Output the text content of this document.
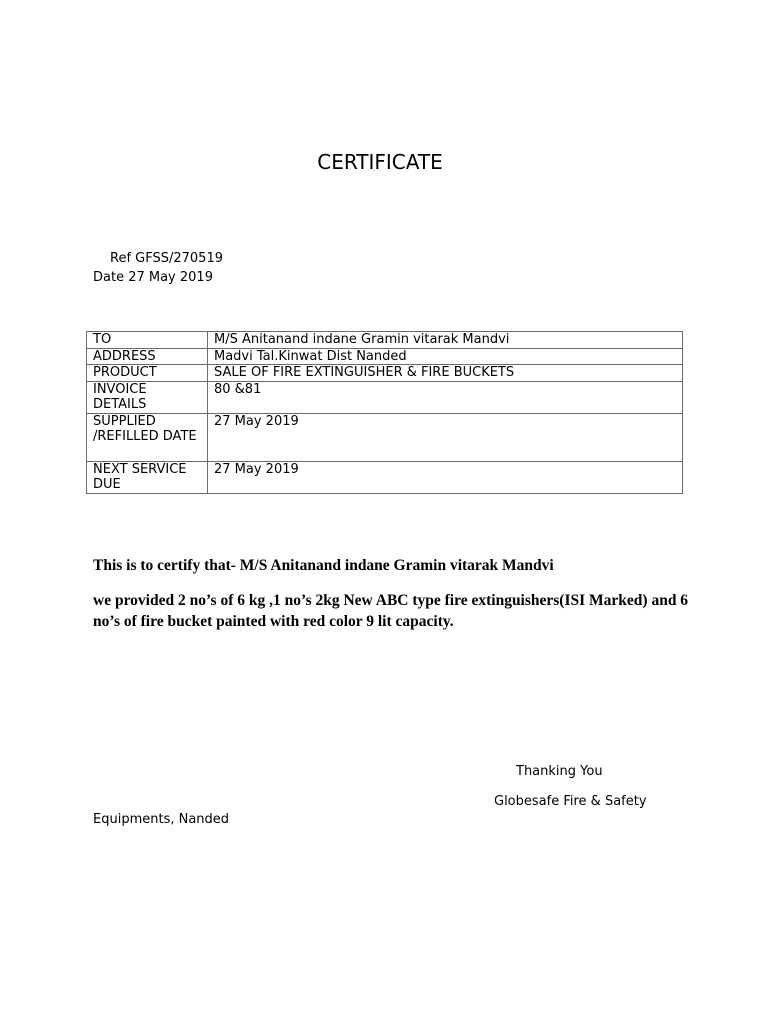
CERTIFICATE
Ref GFSS/270519
Date 27 May 2019
TO	M/S Anitanand indane Gramin vitarak Mandvi
ADDRESS	Madvi Tal.Kinwat Dist Nanded
PRODUCT	SALE OF FIRE EXTINGUISHER & FIRE BUCKETS
INVOICE DETAILS	80 &81
SUPPLIED /REFILLED DATE	27 May 2019
NEXT SERVICE DUE	27 May 2019
This is to certify that- M/S Anitanand indane Gramin vitarak Mandvi
we provided 2 no’s of 6 kg ,1 no’s 2kg New ABC type fire extinguishers(ISI Marked) and 6 no’s of fire bucket painted with red color 9 lit capacity.
Thanking You
Globesafe Fire & Safety
Equipments, Nanded
